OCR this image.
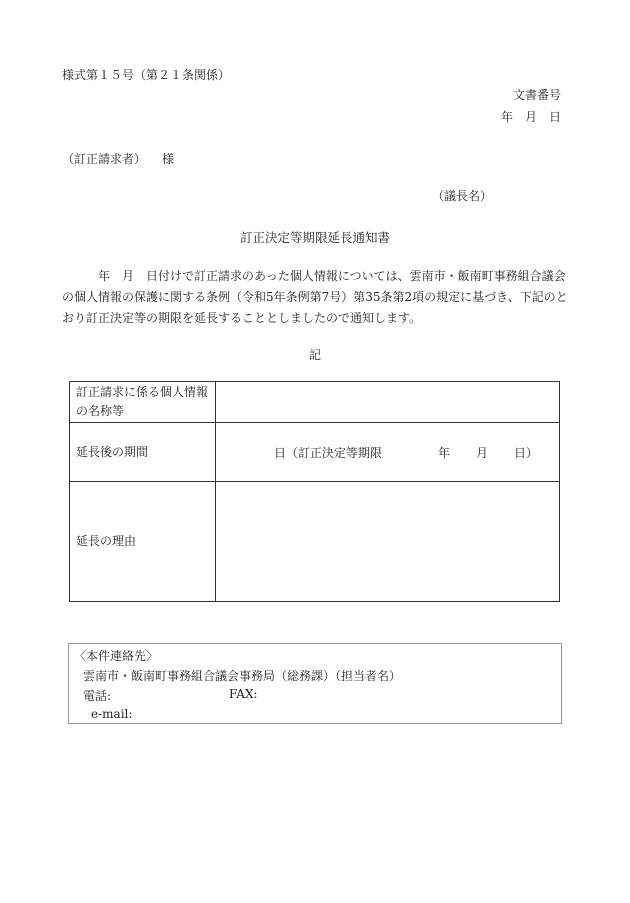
様式第１５号（第２１条関係）
文書番号
年　月　日
（訂正請求者） 様
（議長名）
訂正決定等期限延長通知書

　　　年　月　日付けで訂正請求のあった個人情報については、雲南市・飯南町事務組合議会

の個人情報の保護に関する条例（令和5年条例第7号）第35条第2項の規定に基づき、下記のと

おり訂正決定等の期限を延長することとしましたので通知します。

記
訂正請求に係る個人情報の名称等	
延長後の期間	日（訂正決定等期限 年 月 日）

延長の理由	
〈本件連絡先〉
雲南市・飯南町事務組合議会事務局（総務課）（担当者名）
電話:	FAX:
e-mail:
